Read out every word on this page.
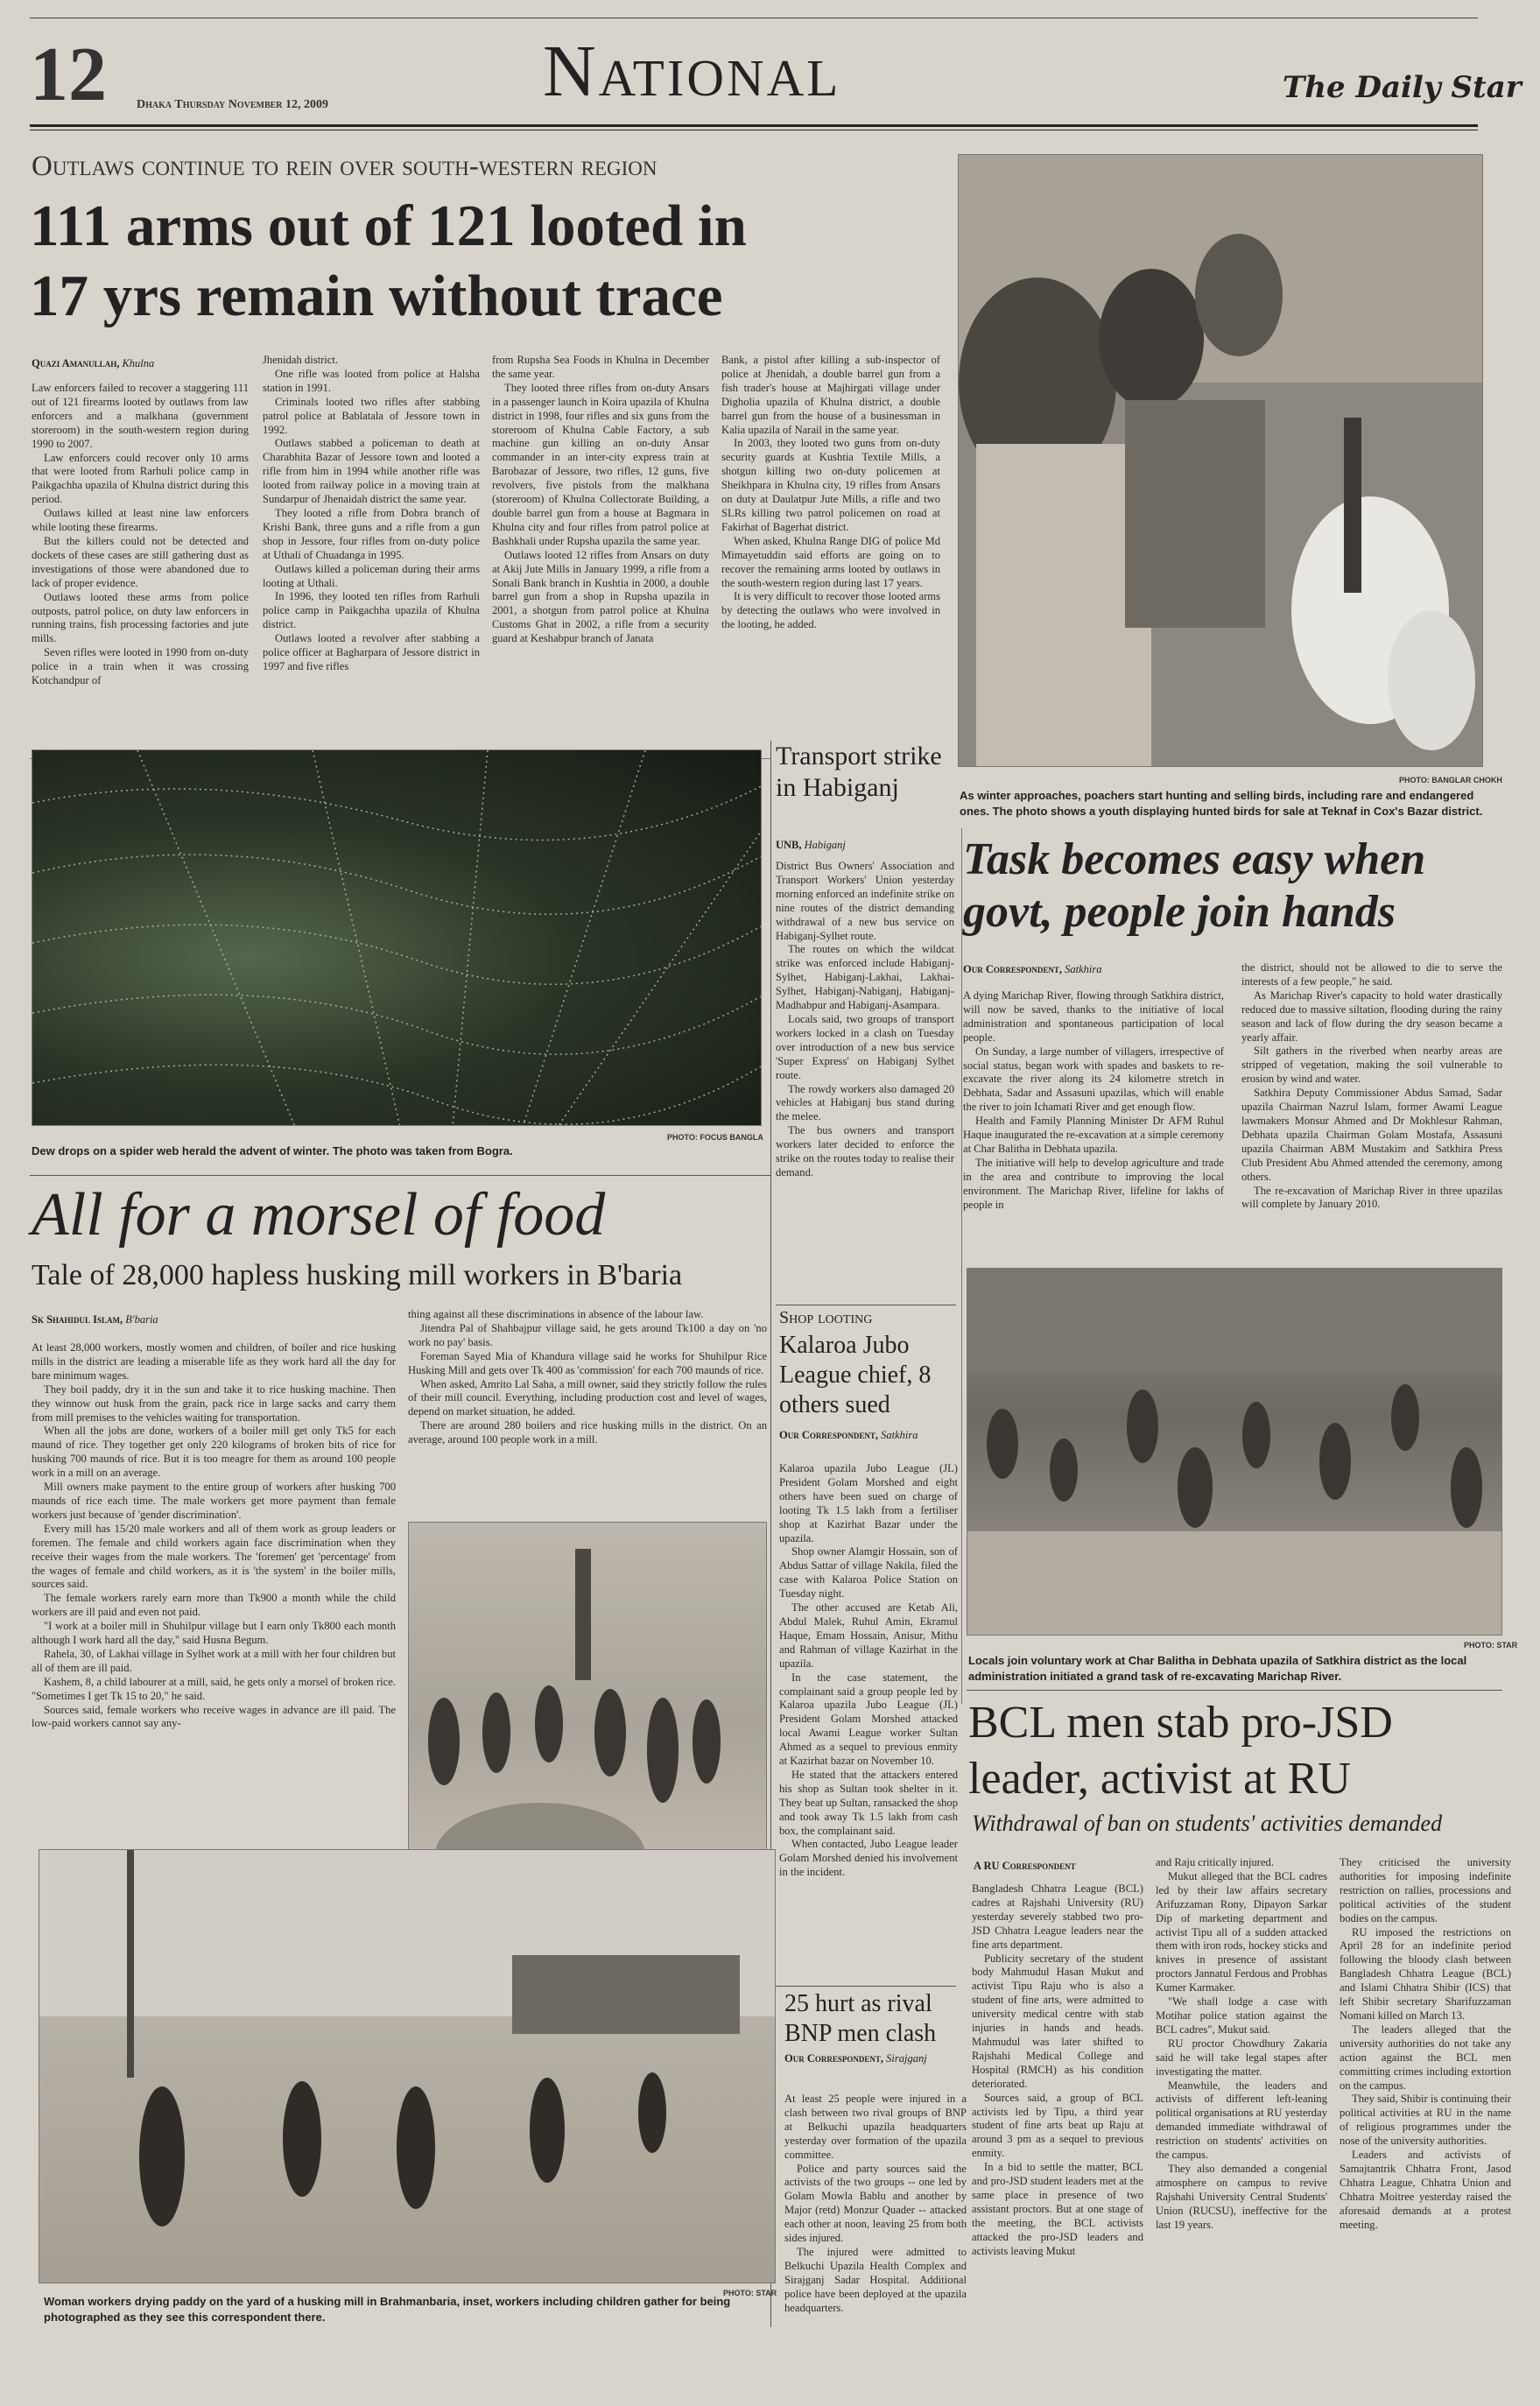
12 Dhaka Thursday November 12, 2009	National	The Daily Star
Outlaws continue to rein over south-western region
111 arms out of 121 looted in
17 yrs remain without trace
Quazi Amanullah, Khulna

Law enforcers failed to recover a staggering 111 out of 121 firearms looted by outlaws from law enforcers and a malkhana (government storeroom) in the south-western region during 1990 to 2007.

Law enforcers could recover only 10 arms that were looted from Rarhuli police camp in Paikgachha upazila of Khulna district during this period.

Outlaws killed at least nine law enforcers while looting these firearms.

But the killers could not be detected and dockets of these cases are still gathering dust as investigations of those were abandoned due to lack of proper evidence.

Outlaws looted these arms from police outposts, patrol police, on duty law enforcers in running trains, fish processing factories and jute mills.

Seven rifles were looted in 1990 from on-duty police in a train when it was crossing Kotchandpur of

Jhenidah district.

One rifle was looted from police at Halsha station in 1991.

Criminals looted two rifles after stabbing patrol police at Bablatala of Jessore town in 1992.

Outlaws stabbed a policeman to death at Charabhita Bazar of Jessore town and looted a rifle from him in 1994 while another rifle was looted from railway police in a moving train at Sundarpur of Jhenaidah district the same year.

They looted a rifle from Dobra branch of Krishi Bank, three guns and a rifle from a gun shop in Jessore, four rifles from on-duty police at Uthali of Chuadanga in 1995.

Outlaws killed a policeman during their arms looting at Uthali.

In 1996, they looted ten rifles from Rarhuli police camp in Paikgachha upazila of Khulna district.

Outlaws looted a revolver after stabbing a police officer at Bagharpara of Jessore district in 1997 and five rifles

from Rupsha Sea Foods in Khulna in December the same year.

They looted three rifles from on-duty Ansars in a passenger launch in Koira upazila of Khulna district in 1998, four rifles and six guns from the storeroom of Khulna Cable Factory, a sub machine gun killing an on-duty Ansar commander in an inter-city express train at Barobazar of Jessore, two rifles, 12 guns, five revolvers, five pistols from the malkhana (storeroom) of Khulna Collectorate Building, a double barrel gun from a house at Bagmara in Khulna city and four rifles from patrol police at Bashkhali under Rupsha upazila the same year.

Outlaws looted 12 rifles from Ansars on duty at Akij Jute Mills in January 1999, a rifle from a Sonali Bank branch in Kushtia in 2000, a double barrel gun from a shop in Rupsha upazila in 2001, a shotgun from patrol police at Khulna Customs Ghat in 2002, a rifle from a security guard at Keshabpur branch of Janata

Bank, a pistol after killing a sub-inspector of police at Jhenidah, a double barrel gun from a fish trader's house at Majhirgati village under Digholia upazila of Khulna district, a double barrel gun from the house of a businessman in Kalia upazila of Narail in the same year.

In 2003, they looted two guns from on-duty security guards at Kushtia Textile Mills, a shotgun killing two on-duty policemen at Sheikhpara in Khulna city, 19 rifles from Ansars on duty at Daulatpur Jute Mills, a rifle and two SLRs killing two patrol policemen on road at Fakirhat of Bagerhat district.

When asked, Khulna Range DIG of police Md Mimayetuddin said efforts are going on to recover the remaining arms looted by outlaws in the south-western region during last 17 years.

It is very difficult to recover those looted arms by detecting the outlaws who were involved in the looting, he added.

PHOTO: BANGLAR CHOKH
As winter approaches, poachers start hunting and selling birds, including rare and endangered ones. The photo shows a youth displaying hunted birds for sale at Teknaf in Cox's Bazar district.
PHOTO: FOCUS BANGLA
Dew drops on a spider web herald the advent of winter. The photo was taken from Bogra.
Transport strike in Habiganj
UNB, Habiganj

District Bus Owners' Association and Transport Workers' Union yesterday morning enforced an indefinite strike on nine routes of the district demanding withdrawal of a new bus service on Habiganj-Sylhet route.

The routes on which the wildcat strike was enforced include Habiganj-Sylhet, Habiganj-Lakhai, Lakhai-Sylhet, Habiganj-Nabiganj, Habiganj-Madhabpur and Habiganj-Asampara.

Locals said, two groups of transport workers locked in a clash on Tuesday over introduction of a new bus service 'Super Express' on Habiganj Sylhet route.

The rowdy workers also damaged 20 vehicles at Habiganj bus stand during the melee.

The bus owners and transport workers later decided to enforce the strike on the routes today to realise their demand.

Task becomes easy when govt, people join hands
Our Correspondent, Satkhira

A dying Marichap River, flowing through Satkhira district, will now be saved, thanks to the initiative of local administration and spontaneous participation of local people.

On Sunday, a large number of villagers, irrespective of social status, began work with spades and baskets to re-excavate the river along its 24 kilometre stretch in Debhata, Sadar and Assasuni upazilas, which will enable the river to join Ichamati River and get enough flow.

Health and Family Planning Minister Dr AFM Ruhul Haque inaugurated the re-excavation at a simple ceremony at Char Balitha in Debhata upazila.

The initiative will help to develop agriculture and trade in the area and contribute to improving the local environment. The Marichap River, lifeline for lakhs of people in

the district, should not be allowed to die to serve the interests of a few people," he said.

As Marichap River's capacity to hold water drastically reduced due to massive siltation, flooding during the rainy season and lack of flow during the dry season became a yearly affair.

Silt gathers in the riverbed when nearby areas are stripped of vegetation, making the soil vulnerable to erosion by wind and water.

Satkhira Deputy Commissioner Abdus Samad, Sadar upazila Chairman Nazrul Islam, former Awami League lawmakers Monsur Ahmed and Dr Mokhlesur Rahman, Debhata upazila Chairman Golam Mostafa, Assasuni upazila Chairman ABM Mustakim and Satkhira Press Club President Abu Ahmed attended the ceremony, among others.

The re-excavation of Marichap River in three upazilas will complete by January 2010.

PHOTO: STAR
Locals join voluntary work at Char Balitha in Debhata upazila of Satkhira district as the local administration initiated a grand task of re-excavating Marichap River.
All for a morsel of food
Tale of 28,000 hapless husking mill workers in B'baria
Sk Shahidul Islam, B'baria

At least 28,000 workers, mostly women and children, of boiler and rice husking mills in the district are leading a miserable life as they work hard all the day for bare minimum wages.

They boil paddy, dry it in the sun and take it to rice husking machine. Then they winnow out husk from the grain, pack rice in large sacks and carry them from mill premises to the vehicles waiting for transportation.

When all the jobs are done, workers of a boiler mill get only Tk5 for each maund of rice. They together get only 220 kilograms of broken bits of rice for husking 700 maunds of rice. But it is too meagre for them as around 100 people work in a mill on an average.

Mill owners make payment to the entire group of workers after husking 700 maunds of rice each time. The male workers get more payment than female workers just because of 'gender discrimination'.

Every mill has 15/20 male workers and all of them work as group leaders or foremen. The female and child workers again face discrimination when they receive their wages from the male workers. The 'foremen' get 'percentage' from the wages of female and child workers, as it is 'the system' in the boiler mills, sources said.

The female workers rarely earn more than Tk900 a month while the child workers are ill paid and even not paid.

"I work at a boiler mill in Shuhilpur village but I earn only Tk800 each month although I work hard all the day," said Husna Begum.

Rahela, 30, of Lakhai village in Sylhet work at a mill with her four children but all of them are ill paid.

Kashem, 8, a child labourer at a mill, said, he gets only a morsel of broken rice. "Sometimes I get Tk 15 to 20," he said.

Sources said, female workers who receive wages in advance are ill paid. The low-paid workers cannot say any-

thing against all these discriminations in absence of the labour law.

Jitendra Pal of Shahbajpur village said, he gets around Tk100 a day on 'no work no pay' basis.

Foreman Sayed Mia of Khandura village said he works for Shuhilpur Rice Husking Mill and gets over Tk 400 as 'commission' for each 700 maunds of rice.

When asked, Amrito Lal Saha, a mill owner, said they strictly follow the rules of their mill council. Everything, including production cost and level of wages, depend on market situation, he added.

There are around 280 boilers and rice husking mills in the district. On an average, around 100 people work in a mill.

PHOTO: STAR
Woman workers drying paddy on the yard of a husking mill in Brahmanbaria, inset, workers including children gather for being photographed as they see this correspondent there.
Shop looting
Kalaroa Jubo League chief, 8 others sued
Our Correspondent, Satkhira

Kalaroa upazila Jubo League (JL) President Golam Morshed and eight others have been sued on charge of looting Tk 1.5 lakh from a fertiliser shop at Kazirhat Bazar under the upazila.

Shop owner Alamgir Hossain, son of Abdus Sattar of village Nakila, filed the case with Kalaroa Police Station on Tuesday night.

The other accused are Ketab Ali, Abdul Malek, Ruhul Amin, Ekramul Haque, Emam Hossain, Anisur, Mithu and Rahman of village Kazirhat in the upazila.

In the case statement, the complainant said a group people led by Kalaroa upazila Jubo League (JL) President Golam Morshed attacked local Awami League worker Sultan Ahmed as a sequel to previous enmity at Kazirhat bazar on November 10.

He stated that the attackers entered his shop as Sultan took shelter in it. They beat up Sultan, ransacked the shop and took away Tk 1.5 lakh from cash box, the complainant said.

When contacted, Jubo League leader Golam Morshed denied his involvement in the incident.

25 hurt as rival BNP men clash
Our Correspondent, Sirajganj

At least 25 people were injured in a clash between two rival groups of BNP at Belkuchi upazila headquarters yesterday over formation of the upazila committee.

Police and party sources said the activists of the two groups -- one led by Golam Mowla Bablu and another by Major (retd) Monzur Quader -- attacked each other at noon, leaving 25 from both sides injured.

The injured were admitted to Belkuchi Upazila Health Complex and Sirajganj Sadar Hospital. Additional police have been deployed at the upazila headquarters.

BCL men stab pro-JSD leader, activist at RU
Withdrawal of ban on students' activities demanded
A RU Correspondent

Bangladesh Chhatra League (BCL) cadres at Rajshahi University (RU) yesterday severely stabbed two pro-JSD Chhatra League leaders near the fine arts department.

Publicity secretary of the student body Mahmudul Hasan Mukut and activist Tipu Raju who is also a student of fine arts, were admitted to university medical centre with stab injuries in hands and heads. Mahmudul was later shifted to Rajshahi Medical College and Hospital (RMCH) as his condition deteriorated.

Sources said, a group of BCL activists led by Tipu, a third year student of fine arts beat up Raju at around 3 pm as a sequel to previous enmity.

In a bid to settle the matter, BCL and pro-JSD student leaders met at the same place in presence of two assistant proctors. But at one stage of the meeting, the BCL activists attacked the pro-JSD leaders and activists leaving Mukut

and Raju critically injured.

Mukut alleged that the BCL cadres led by their law affairs secretary Arifuzzaman Rony, Dipayon Sarkar Dip of marketing department and activist Tipu all of a sudden attacked them with iron rods, hockey sticks and knives in presence of assistant proctors Jannatul Ferdous and Probhas Kumer Karmaker.

"We shall lodge a case with Motihar police station against the BCL cadres", Mukut said.

RU proctor Chowdhury Zakaria said he will take legal stapes after investigating the matter.

Meanwhile, the leaders and activists of different left-leaning political organisations at RU yesterday demanded immediate withdrawal of restriction on students' activities on the campus.

They also demanded a congenial atmosphere on campus to revive Rajshahi University Central Students' Union (RUCSU), ineffective for the last 19 years.

They criticised the university authorities for imposing indefinite restriction on rallies, processions and political activities of the student bodies on the campus.

RU imposed the restrictions on April 28 for an indefinite period following the bloody clash between Bangladesh Chhatra League (BCL) and Islami Chhatra Shibir (ICS) that left Shibir secretary Sharifuzzaman Nomani killed on March 13.

The leaders alleged that the university authorities do not take any action against the BCL men committing crimes including extortion on the campus.

They said, Shibir is continuing their political activities at RU in the name of religious programmes under the nose of the university authorities.

Leaders and activists of Samajtantrik Chhatra Front, Jasod Chhatra League, Chhatra Union and Chhatra Moitree yesterday raised the aforesaid demands at a protest meeting.
